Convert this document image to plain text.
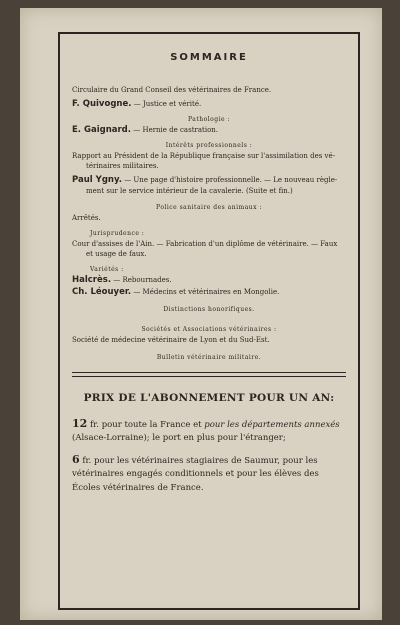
SOMMAIRE
Circulaire du Grand Conseil des vétérinaires de France.
F. Quivogne. — Justice et vérité.
Pathologie :
E. Gaignard. — Hernie de castration.
Intérêts professionnels :
Rapport au Président de la République française sur l'assimilation des vé-
térinaires militaires.
Paul Ygny. — Une page d'histoire professionnelle. — Le nouveau règle-
ment sur le service intérieur de la cavalerie. (Suite et fin.)
Police sanitaire des animaux :
Arrêtés.
Jurisprudence :
Cour d'assises de l'Ain. — Fabrication d'un diplôme de vétérinaire. — Faux
et usage de faux.
Variétés :
Halcrès. — Rebournades.
Ch. Léouyer. — Médecins et vétérinaires en Mongolie.
Distinctions honorifiques.
Sociétés et Associations vétérinaires :
Société de médecine vétérinaire de Lyon et du Sud-Est.
Bulletin vétérinaire militaire.
PRIX DE L'ABONNEMENT POUR UN AN:
12 fr. pour toute la France et pour les départements annexés
(Alsace-Lorraine); le port en plus pour l'étranger;
6 fr. pour les vétérinaires stagiaires de Saumur, pour les
vétérinaires engagés conditionnels et pour les élèves des
Écoles vétérinaires de France.
